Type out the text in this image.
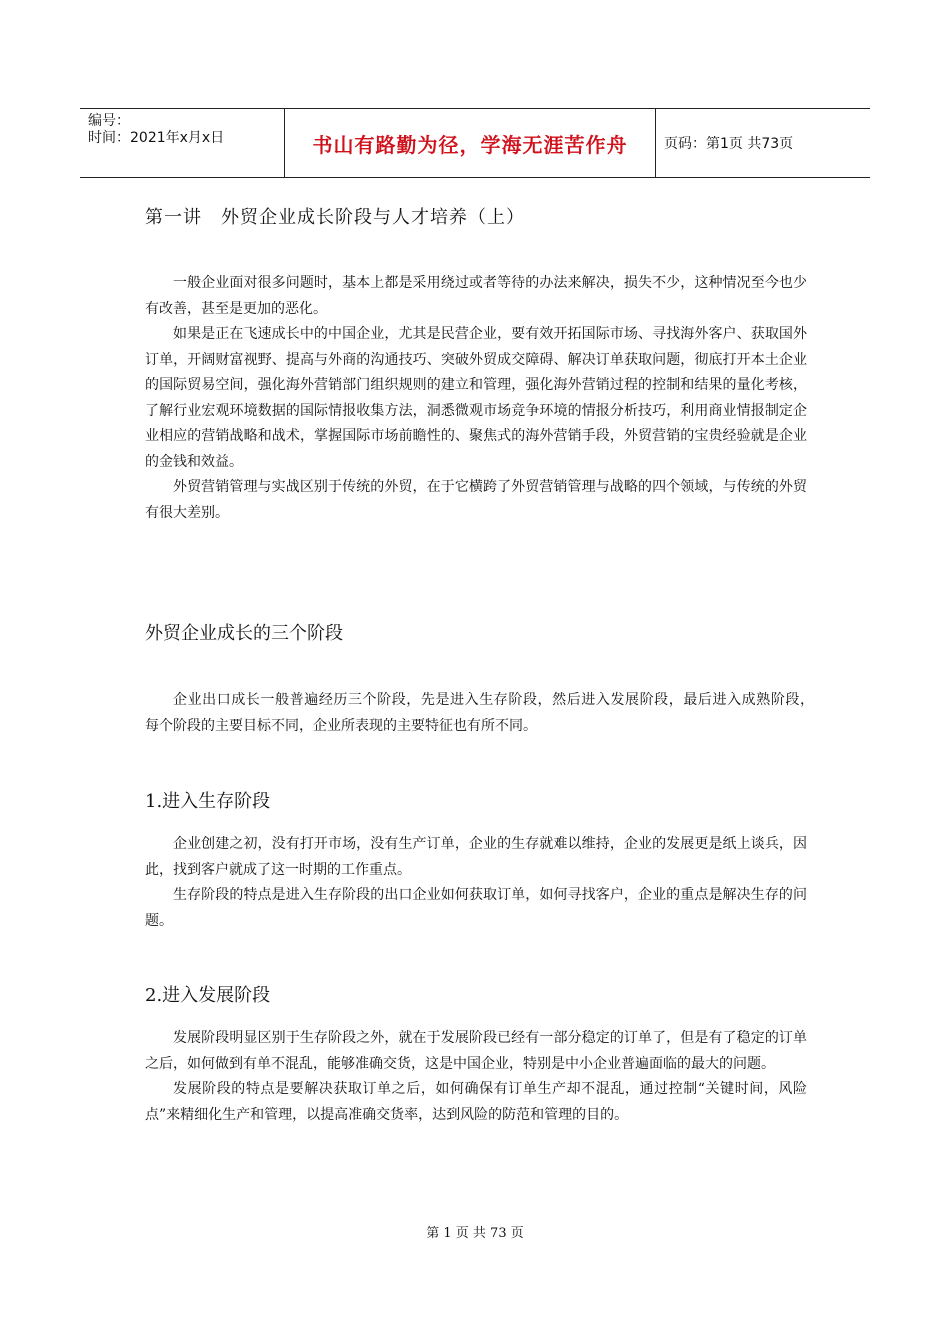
编号：
时间：2021年x月x日	书山有路勤为径，学海无涯苦作舟	页码：第1页 共73页
第一讲　外贸企业成长阶段与人才培养（上）

一般企业面对很多问题时，基本上都是采用绕过或者等待的办法来解决，损失不少，这种情况至今也少有改善，甚至是更加的恶化。

如果是正在飞速成长中的中国企业，尤其是民营企业，要有效开拓国际市场、寻找海外客户、获取国外订单，开阔财富视野、提高与外商的沟通技巧、突破外贸成交障碍、解决订单获取问题，彻底打开本土企业的国际贸易空间，强化海外营销部门组织规则的建立和管理，强化海外营销过程的控制和结果的量化考核，了解行业宏观环境数据的国际情报收集方法，洞悉微观市场竞争环境的情报分析技巧，利用商业情报制定企业相应的营销战略和战术，掌握国际市场前瞻性的、聚焦式的海外营销手段，外贸营销的宝贵经验就是企业的金钱和效益。

外贸营销管理与实战区别于传统的外贸，在于它横跨了外贸营销管理与战略的四个领域，与传统的外贸有很大差别。

外贸企业成长的三个阶段

企业出口成长一般普遍经历三个阶段，先是进入生存阶段，然后进入发展阶段，最后进入成熟阶段，　每个阶段的主要目标不同，企业所表现的主要特征也有所不同。

1.进入生存阶段

企业创建之初，没有打开市场，没有生产订单，企业的生存就难以维持，企业的发展更是纸上谈兵，因此，找到客户就成了这一时期的工作重点。

生存阶段的特点是进入生存阶段的出口企业如何获取订单，如何寻找客户，企业的重点是解决生存的问题。

2.进入发展阶段

发展阶段明显区别于生存阶段之外，就在于发展阶段已经有一部分稳定的订单了，但是有了稳定的订单之后，如何做到有单不混乱，能够准确交货，这是中国企业，特别是中小企业普遍面临的最大的问题。

发展阶段的特点是要解决获取订单之后，如何确保有订单生产却不混乱，通过控制“关键时间，风险点”来精细化生产和管理，以提高准确交货率，达到风险的防范和管理的目的。

第 1 页 共 73 页
